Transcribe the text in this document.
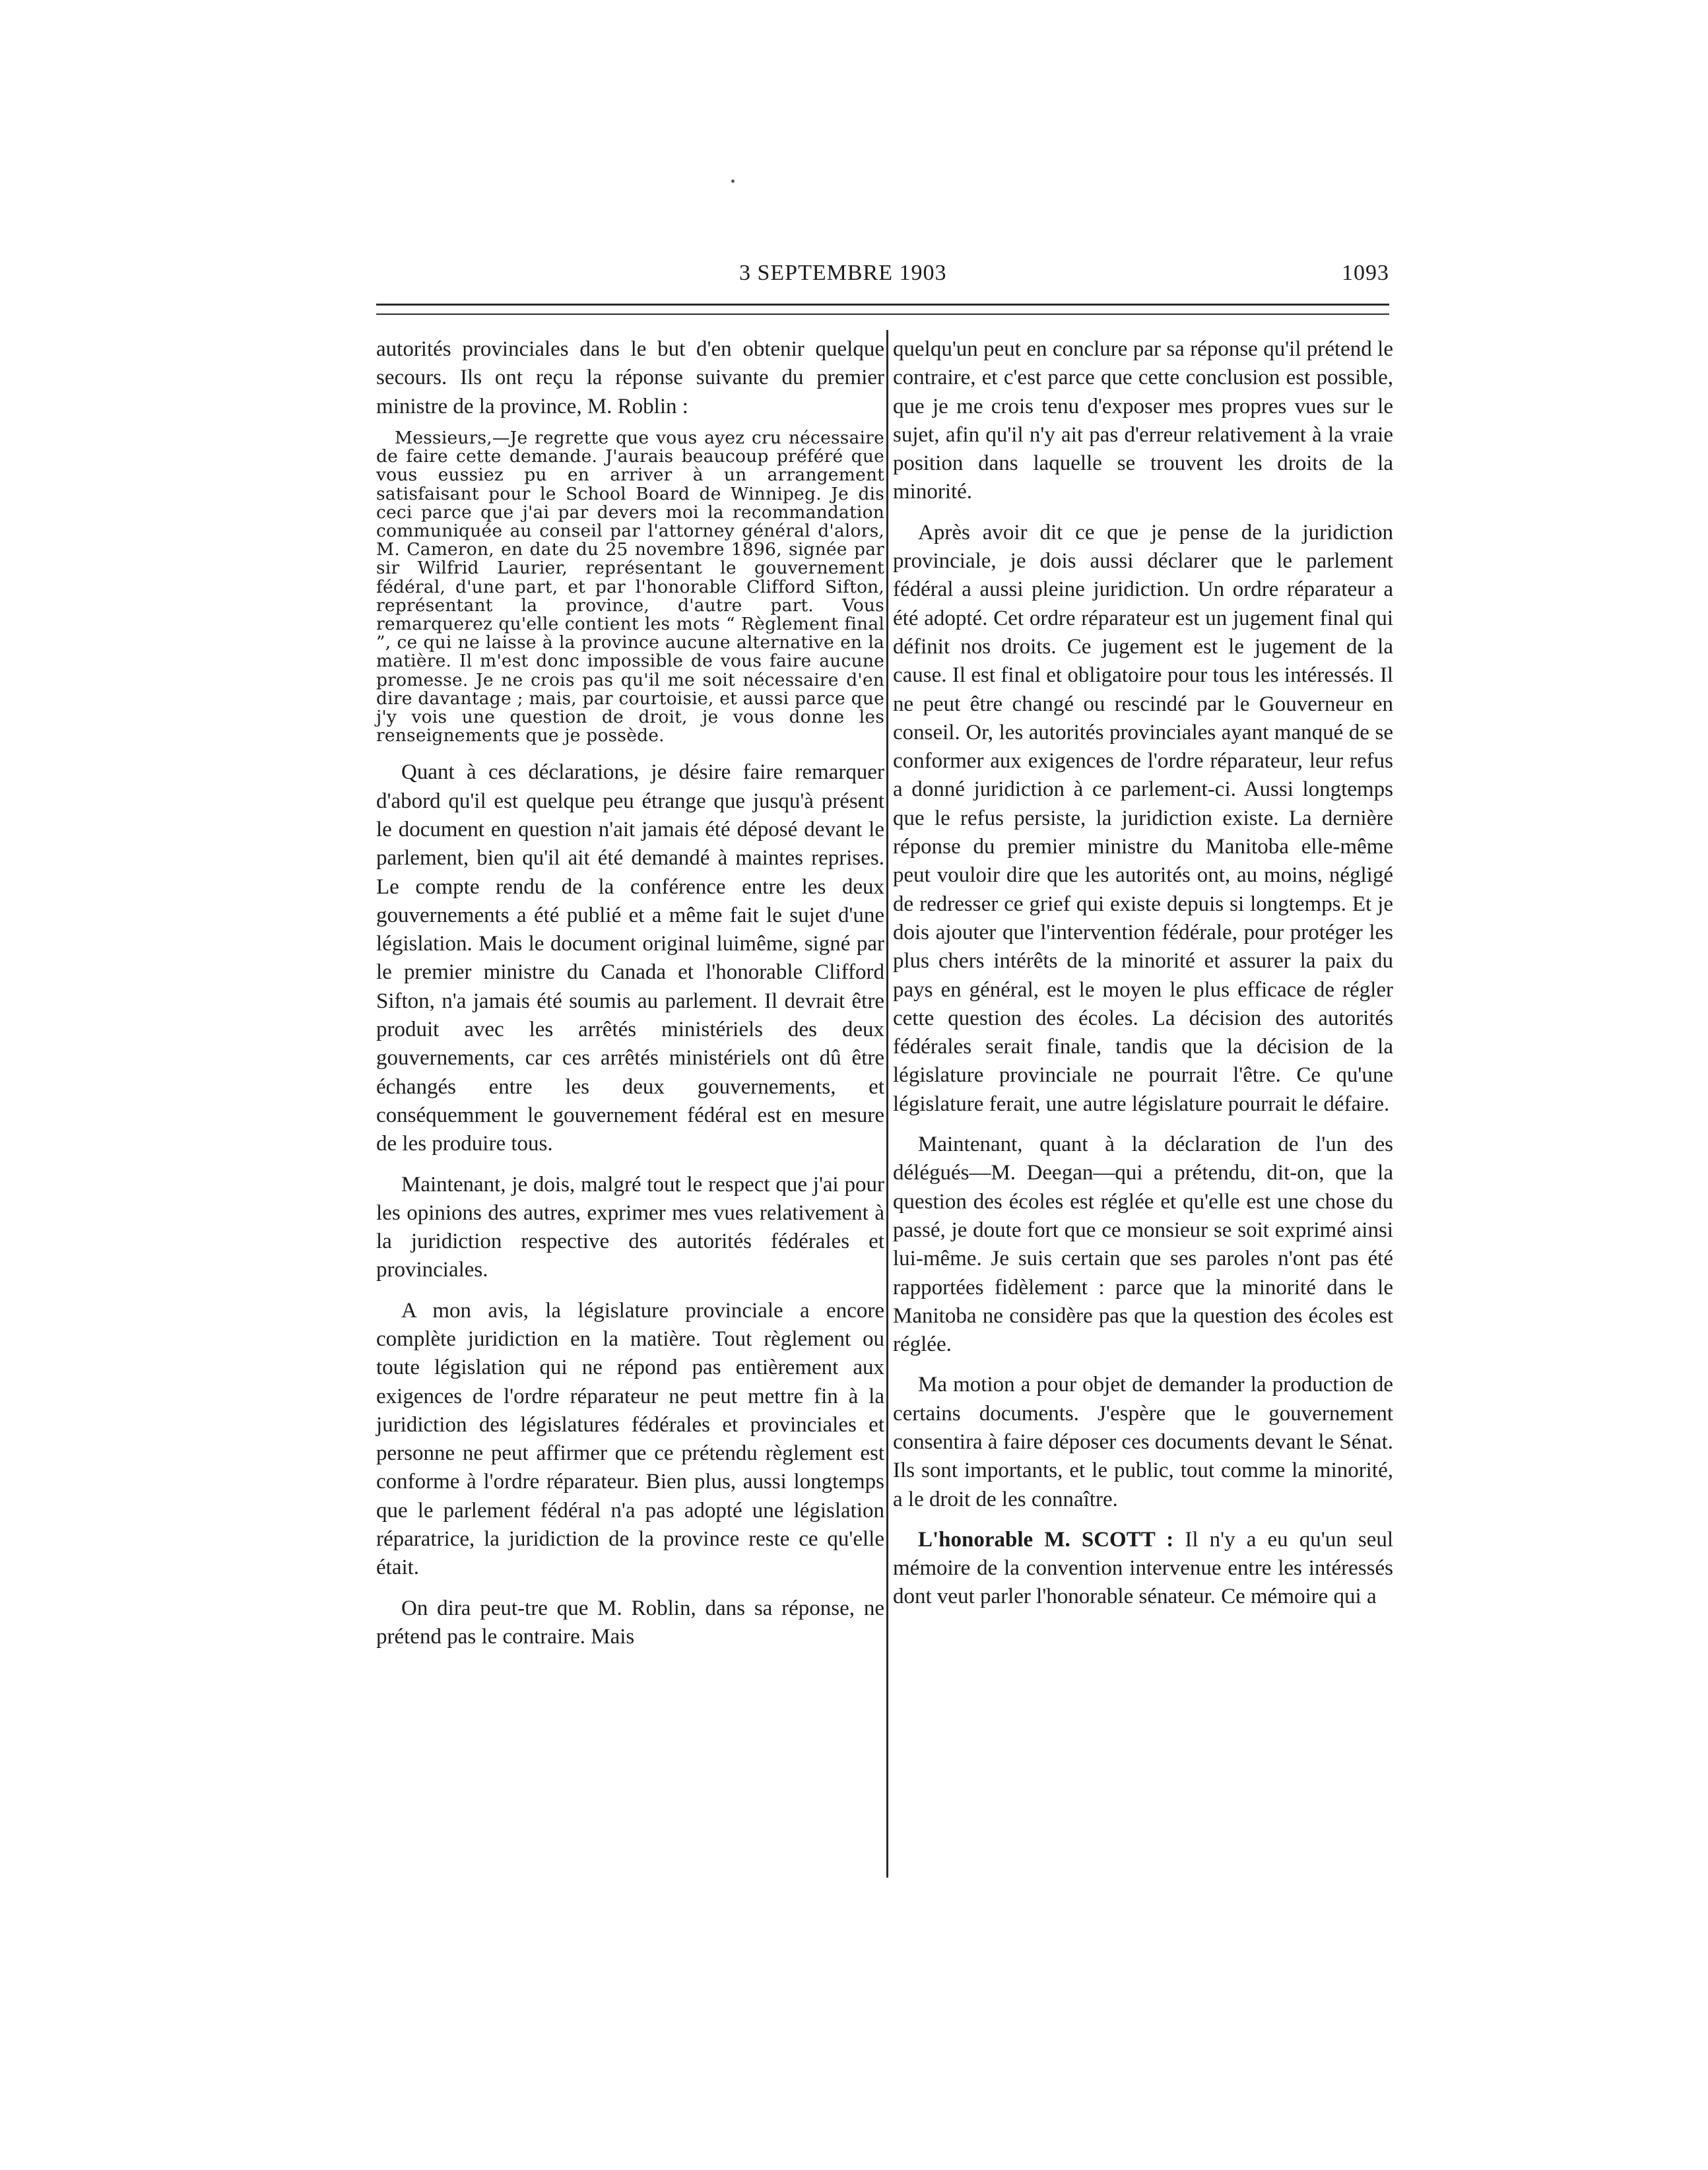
3 SEPTEMBRE 1903	1093

autorités provinciales dans le but d'en obtenir quelque secours. Ils ont reçu la réponse suivante du premier ministre de la province, M. Roblin :

Messieurs,—Je regrette que vous ayez cru nécessaire de faire cette demande. J'aurais beaucoup préféré que vous eussiez pu en arriver à un arrangement satisfaisant pour le School Board de Winnipeg. Je dis ceci parce que j'ai par devers moi la recommandation communiquée au conseil par l'attorney général d'alors, M. Cameron, en date du 25 novembre 1896, signée par sir Wilfrid Laurier, représentant le gouvernement fédéral, d'une part, et par l'honorable Clifford Sifton, représentant la province, d'autre part. Vous remarquerez qu'elle contient les mots “ Règlement final ”, ce qui ne laisse à la province aucune alternative en la matière. Il m'est donc impossible de vous faire aucune promesse. Je ne crois pas qu'il me soit nécessaire d'en dire davantage ; mais, par courtoisie, et aussi parce que j'y vois une question de droit, je vous donne les renseignements que je possède.

Quant à ces déclarations, je désire faire remarquer d'abord qu'il est quelque peu étrange que jusqu'à présent le document en question n'ait jamais été déposé devant le parlement, bien qu'il ait été demandé à maintes reprises. Le compte rendu de la conférence entre les deux gouvernements a été publié et a même fait le sujet d'une législation. Mais le document original luimême, signé par le premier ministre du Canada et l'honorable Clifford Sifton, n'a jamais été soumis au parlement. Il devrait être produit avec les arrêtés ministériels des deux gouvernements, car ces arrêtés ministériels ont dû être échangés entre les deux gouvernements, et conséquemment le gouvernement fédéral est en mesure de les produire tous.

Maintenant, je dois, malgré tout le respect que j'ai pour les opinions des autres, exprimer mes vues relativement à la juridiction respective des autorités fédérales et provinciales.

A mon avis, la législature provinciale a encore complète juridiction en la matière. Tout règlement ou toute législation qui ne répond pas entièrement aux exigences de l'ordre réparateur ne peut mettre fin à la juridiction des législatures fédérales et provinciales et personne ne peut affirmer que ce prétendu règlement est conforme à l'ordre réparateur. Bien plus, aussi longtemps que le parlement fédéral n'a pas adopté une législation réparatrice, la juridiction de la province reste ce qu'elle était.

On dira peut-tre que M. Roblin, dans sa réponse, ne prétend pas le contraire. Mais

quelqu'un peut en conclure par sa réponse qu'il prétend le contraire, et c'est parce que cette conclusion est possible, que je me crois tenu d'exposer mes propres vues sur le sujet, afin qu'il n'y ait pas d'erreur relativement à la vraie position dans laquelle se trouvent les droits de la minorité.

Après avoir dit ce que je pense de la juridiction provinciale, je dois aussi déclarer que le parlement fédéral a aussi pleine juridiction. Un ordre réparateur a été adopté. Cet ordre réparateur est un jugement final qui définit nos droits. Ce jugement est le jugement de la cause. Il est final et obligatoire pour tous les intéressés. Il ne peut être changé ou rescindé par le Gouverneur en conseil. Or, les autorités provinciales ayant manqué de se conformer aux exigences de l'ordre réparateur, leur refus a donné juridiction à ce parlement-ci. Aussi longtemps que le refus persiste, la juridiction existe. La dernière réponse du premier ministre du Manitoba elle-même peut vouloir dire que les autorités ont, au moins, négligé de redresser ce grief qui existe depuis si longtemps. Et je dois ajouter que l'intervention fédérale, pour protéger les plus chers intérêts de la minorité et assurer la paix du pays en général, est le moyen le plus efficace de régler cette question des écoles. La décision des autorités fédérales serait finale, tandis que la décision de la législature provinciale ne pourrait l'être. Ce qu'une législature ferait, une autre législature pourrait le défaire.

Maintenant, quant à la déclaration de l'un des délégués—M. Deegan—qui a prétendu, dit-on, que la question des écoles est réglée et qu'elle est une chose du passé, je doute fort que ce monsieur se soit exprimé ainsi lui-même. Je suis certain que ses paroles n'ont pas été rapportées fidèlement : parce que la minorité dans le Manitoba ne considère pas que la question des écoles est réglée.

Ma motion a pour objet de demander la production de certains documents. J'espère que le gouvernement consentira à faire déposer ces documents devant le Sénat. Ils sont importants, et le public, tout comme la minorité, a le droit de les connaître.

L'honorable M. SCOTT : Il n'y a eu qu'un seul mémoire de la convention intervenue entre les intéressés dont veut parler l'honorable sénateur. Ce mémoire qui a
